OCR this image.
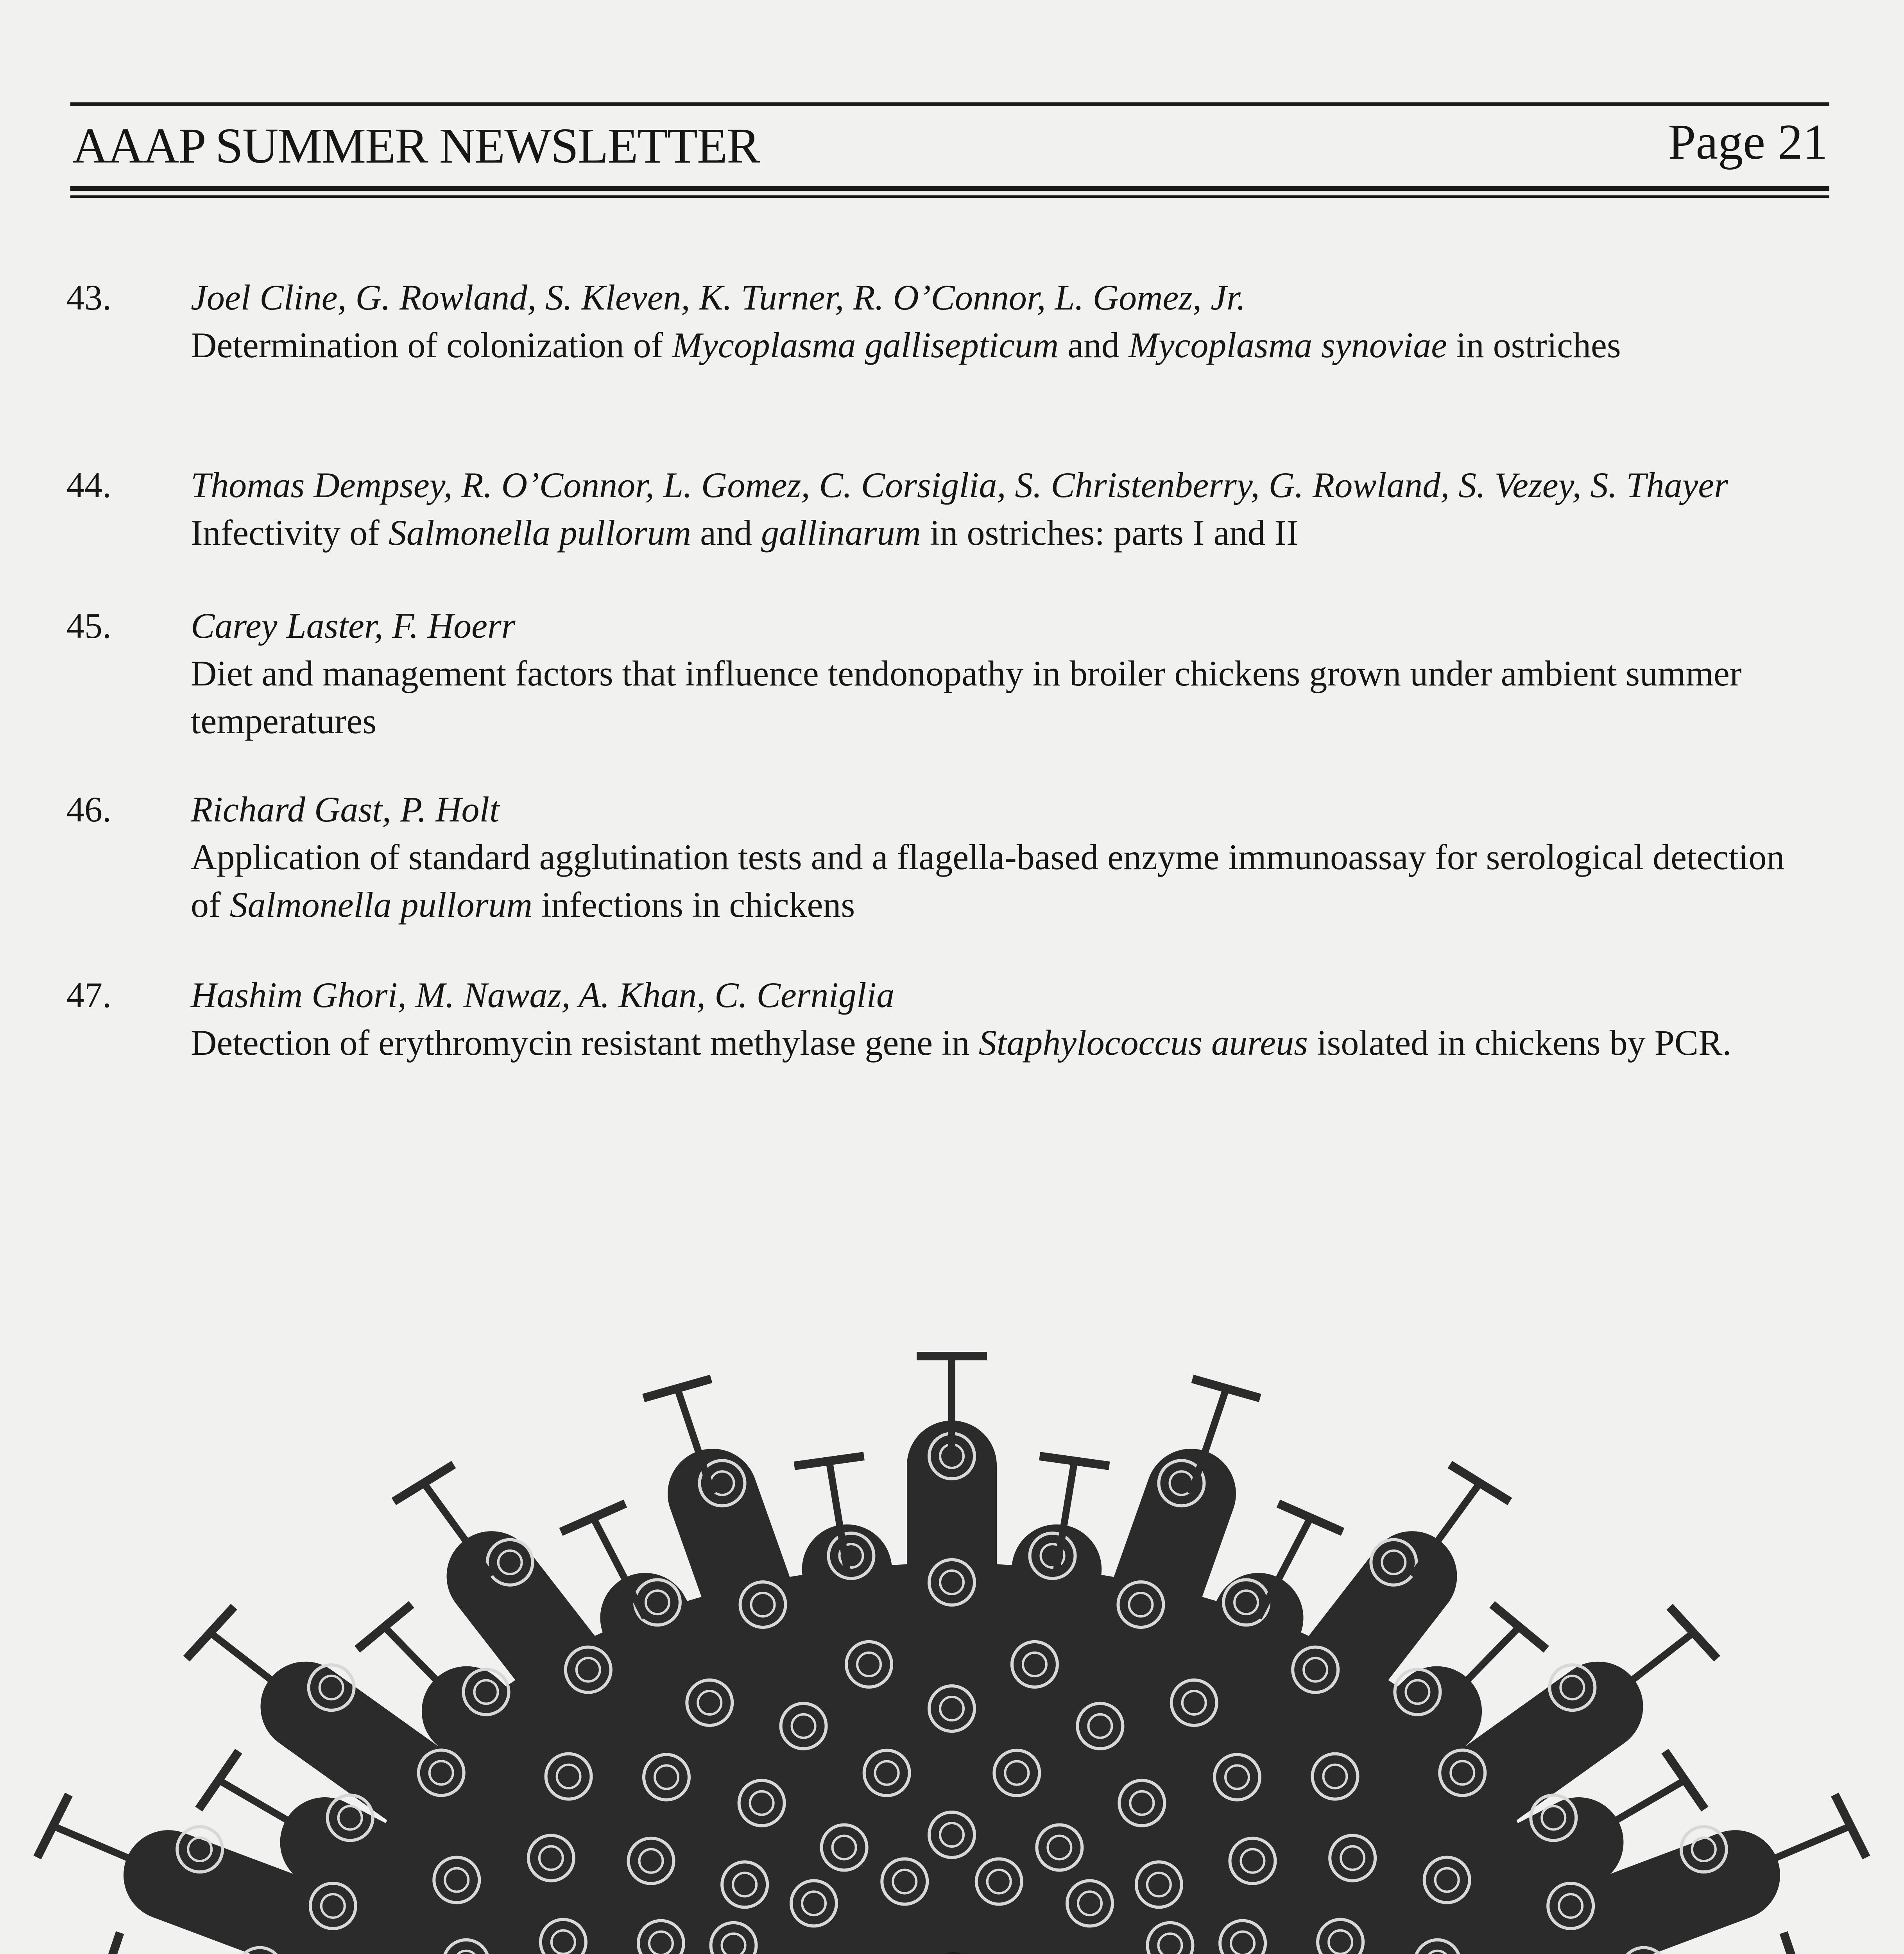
AAAP SUMMER NEWSLETTER	Page 21
43.	Joel Cline, G. Rowland, S. Kleven, K. Turner, R. O’Connor, L. Gomez, Jr.
Determination of colonization of Mycoplasma gallisepticum and Mycoplasma synoviae in ostriches
44.	Thomas Dempsey, R. O’Connor, L. Gomez, C. Corsiglia, S. Christenberry, G. Rowland, S. Vezey, S. Thayer
Infectivity of Salmonella pullorum and gallinarum in ostriches: parts I and II
45.	Carey Laster, F. Hoerr
Diet and management factors that influence tendonopathy in broiler chickens grown under ambient summer temperatures
46.	Richard Gast, P. Holt
Application of standard agglutination tests and a flagella-based enzyme immunoassay for serological detection of Salmonella pullorum infections in chickens
47.	Hashim Ghori, M. Nawaz, A. Khan, C. Cerniglia
Detection of erythromycin resistant methylase gene in Staphylococcus aureus isolated in chickens by PCR.
